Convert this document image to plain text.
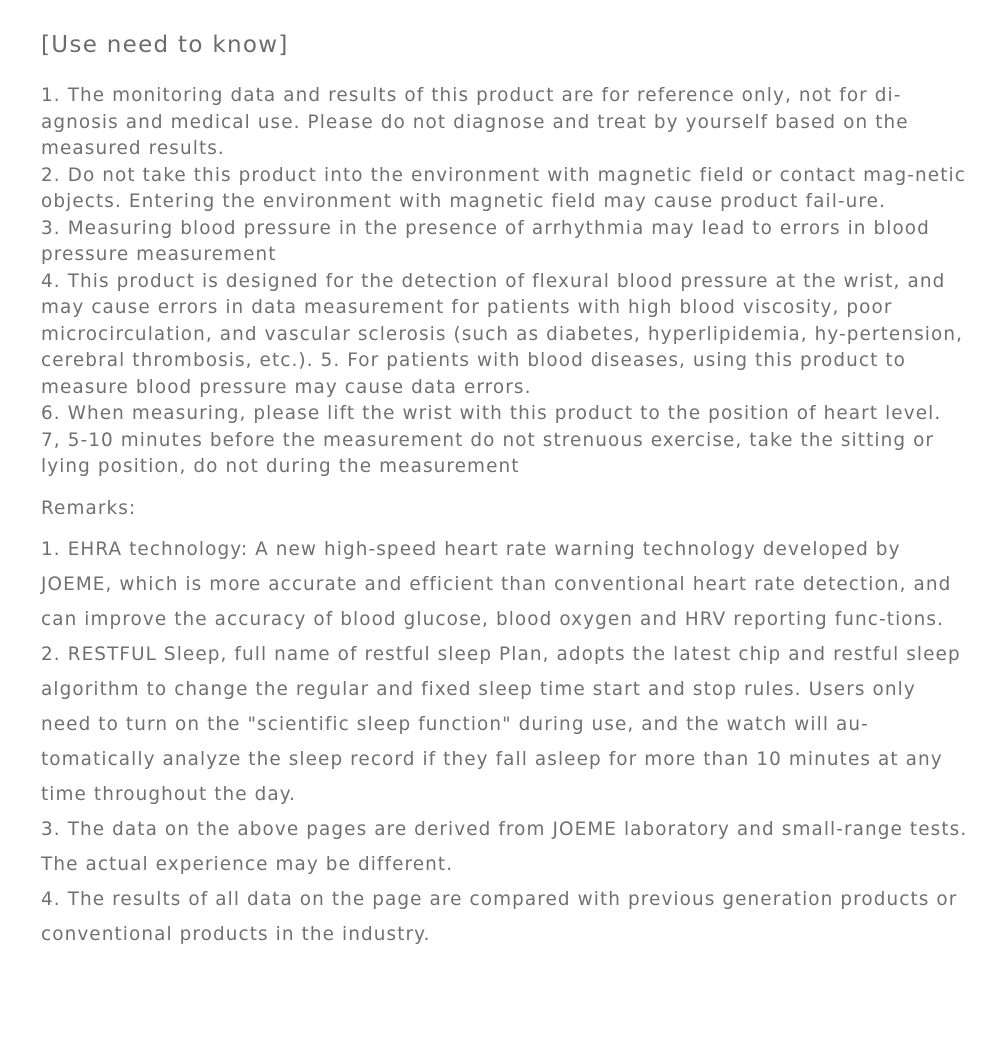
[Use need to know]
1. The monitoring data and results of this product are for reference only, not for di-agnosis and medical use. Please do not diagnose and treat by yourself based on the measured results.
2. Do not take this product into the environment with magnetic field or contact mag-netic objects. Entering the environment with magnetic field may cause product fail-ure.
3. Measuring blood pressure in the presence of arrhythmia may lead to errors in blood pressure measurement
4. This product is designed for the detection of flexural blood pressure at the wrist, and may cause errors in data measurement for patients with high blood viscosity, poor microcirculation, and vascular sclerosis (such as diabetes, hyperlipidemia, hy-pertension, cerebral thrombosis, etc.). 5. For patients with blood diseases, using this product to measure blood pressure may cause data errors.
6. When measuring, please lift the wrist with this product to the position of heart level.
7, 5-10 minutes before the measurement do not strenuous exercise, take the sitting or lying position, do not during the measurement
Remarks:
1. EHRA technology: A new high-speed heart rate warning technology developed by JOEME, which is more accurate and efficient than conventional heart rate detection, and can improve the accuracy of blood glucose, blood oxygen and HRV reporting func-tions.
2. RESTFUL Sleep, full name of restful sleep Plan, adopts the latest chip and restful sleep algorithm to change the regular and fixed sleep time start and stop rules. Users only need to turn on the "scientific sleep function" during use, and the watch will au-tomatically analyze the sleep record if they fall asleep for more than 10 minutes at any time throughout the day.
3. The data on the above pages are derived from JOEME laboratory and small-range tests. The actual experience may be different.
4. The results of all data on the page are compared with previous generation products or conventional products in the industry.
